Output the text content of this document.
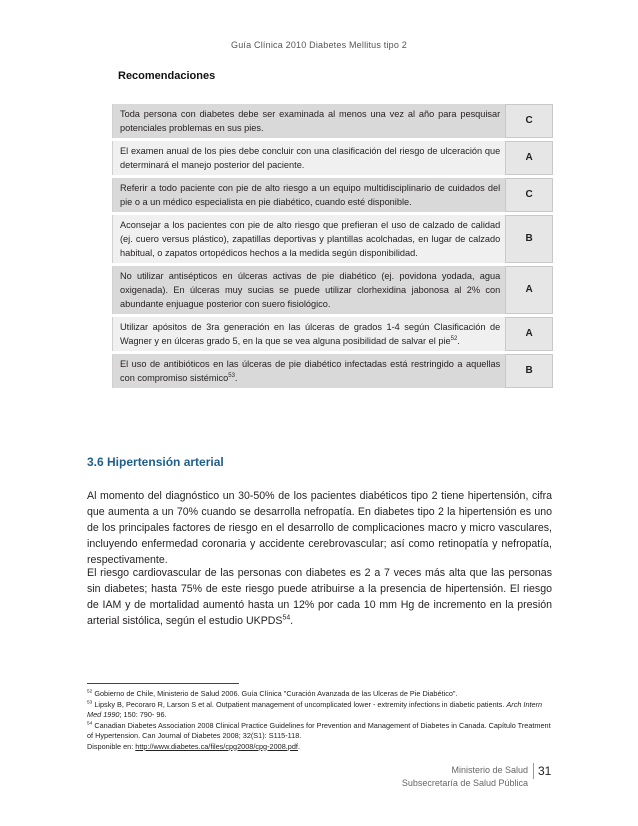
Guía Clínica 2010 Diabetes Mellitus tipo 2
Recomendaciones
Toda persona con diabetes debe ser examinada al menos una vez al año para pesquisar potenciales problemas en sus pies.	C
El examen anual de los pies debe concluir con una clasificación del riesgo de ulceración que determinará el manejo posterior del paciente.	A
Referir a todo paciente con pie de alto riesgo a un equipo multidisciplinario de cuidados del pie o a un médico especialista en pie diabético, cuando esté disponible.	C
Aconsejar a los pacientes con pie de alto riesgo que prefieran el uso de calzado de calidad (ej. cuero versus plástico), zapatillas deportivas y plantillas acolchadas, en lugar de calzado habitual, o zapatos ortopédicos hechos a la medida según disponibilidad.	B
No utilizar antisépticos en úlceras activas de pie diabético (ej. povidona yodada, agua oxigenada). En úlceras muy sucias se puede utilizar clorhexidina jabonosa al 2% con abundante enjuague posterior con suero fisiológico.	A
Utilizar apósitos de 3ra generación en las úlceras de grados 1-4 según Clasificación de Wagner y en úlceras grado 5, en la que se vea alguna posibilidad de salvar el pie$^{52}$.	A
El uso de antibióticos en las úlceras de pie diabético infectadas está restringido a aquellas con compromiso sistémico$^{53}$.	B
3.6 Hipertensión arterial

Al momento del diagnóstico un 30-50% de los pacientes diabéticos tipo 2 tiene hipertensión, cifra que aumenta a un 70% cuando se desarrolla nefropatía. En diabetes tipo 2 la hipertensión es uno de los principales factores de riesgo en el desarrollo de complicaciones macro y micro vasculares, incluyendo enfermedad coronaria y accidente cerebrovascular; así como retinopatía y nefropatía, respectivamente.

El riesgo cardiovascular de las personas con diabetes es 2 a 7 veces más alta que las personas sin diabetes; hasta 75% de este riesgo puede atribuirse a la presencia de hipertensión. El riesgo de IAM y de mortalidad aumentó hasta un 12% por cada 10 mm Hg de incremento en la presión arterial sistólica, según el estudio UKPDS$^{54}$.

$^{52}$ Gobierno de Chile, Ministerio de Salud 2006. Guía Clínica "Curación Avanzada de las Ulceras de Pie Diabético".

$^{53}$ Lipsky B, Pecoraro R, Larson S et al. Outpatient management of uncomplicated lower - extremity infections in diabetic patients. Arch Intern Med 1990; 150: 790- 96.

$^{54}$ Canadian Diabetes Association 2008 Clinical Practice Guidelines for Prevention and Management of Diabetes in Canada. Capítulo Treatment of Hypertension. Can Journal of Diabetes 2008; 32(S1): S115-118.

Disponible en: http://www.diabetes.ca/files/cpg2008/cpg-2008.pdf.

Ministerio de Salud
Subsecretaría de Salud Pública
31
